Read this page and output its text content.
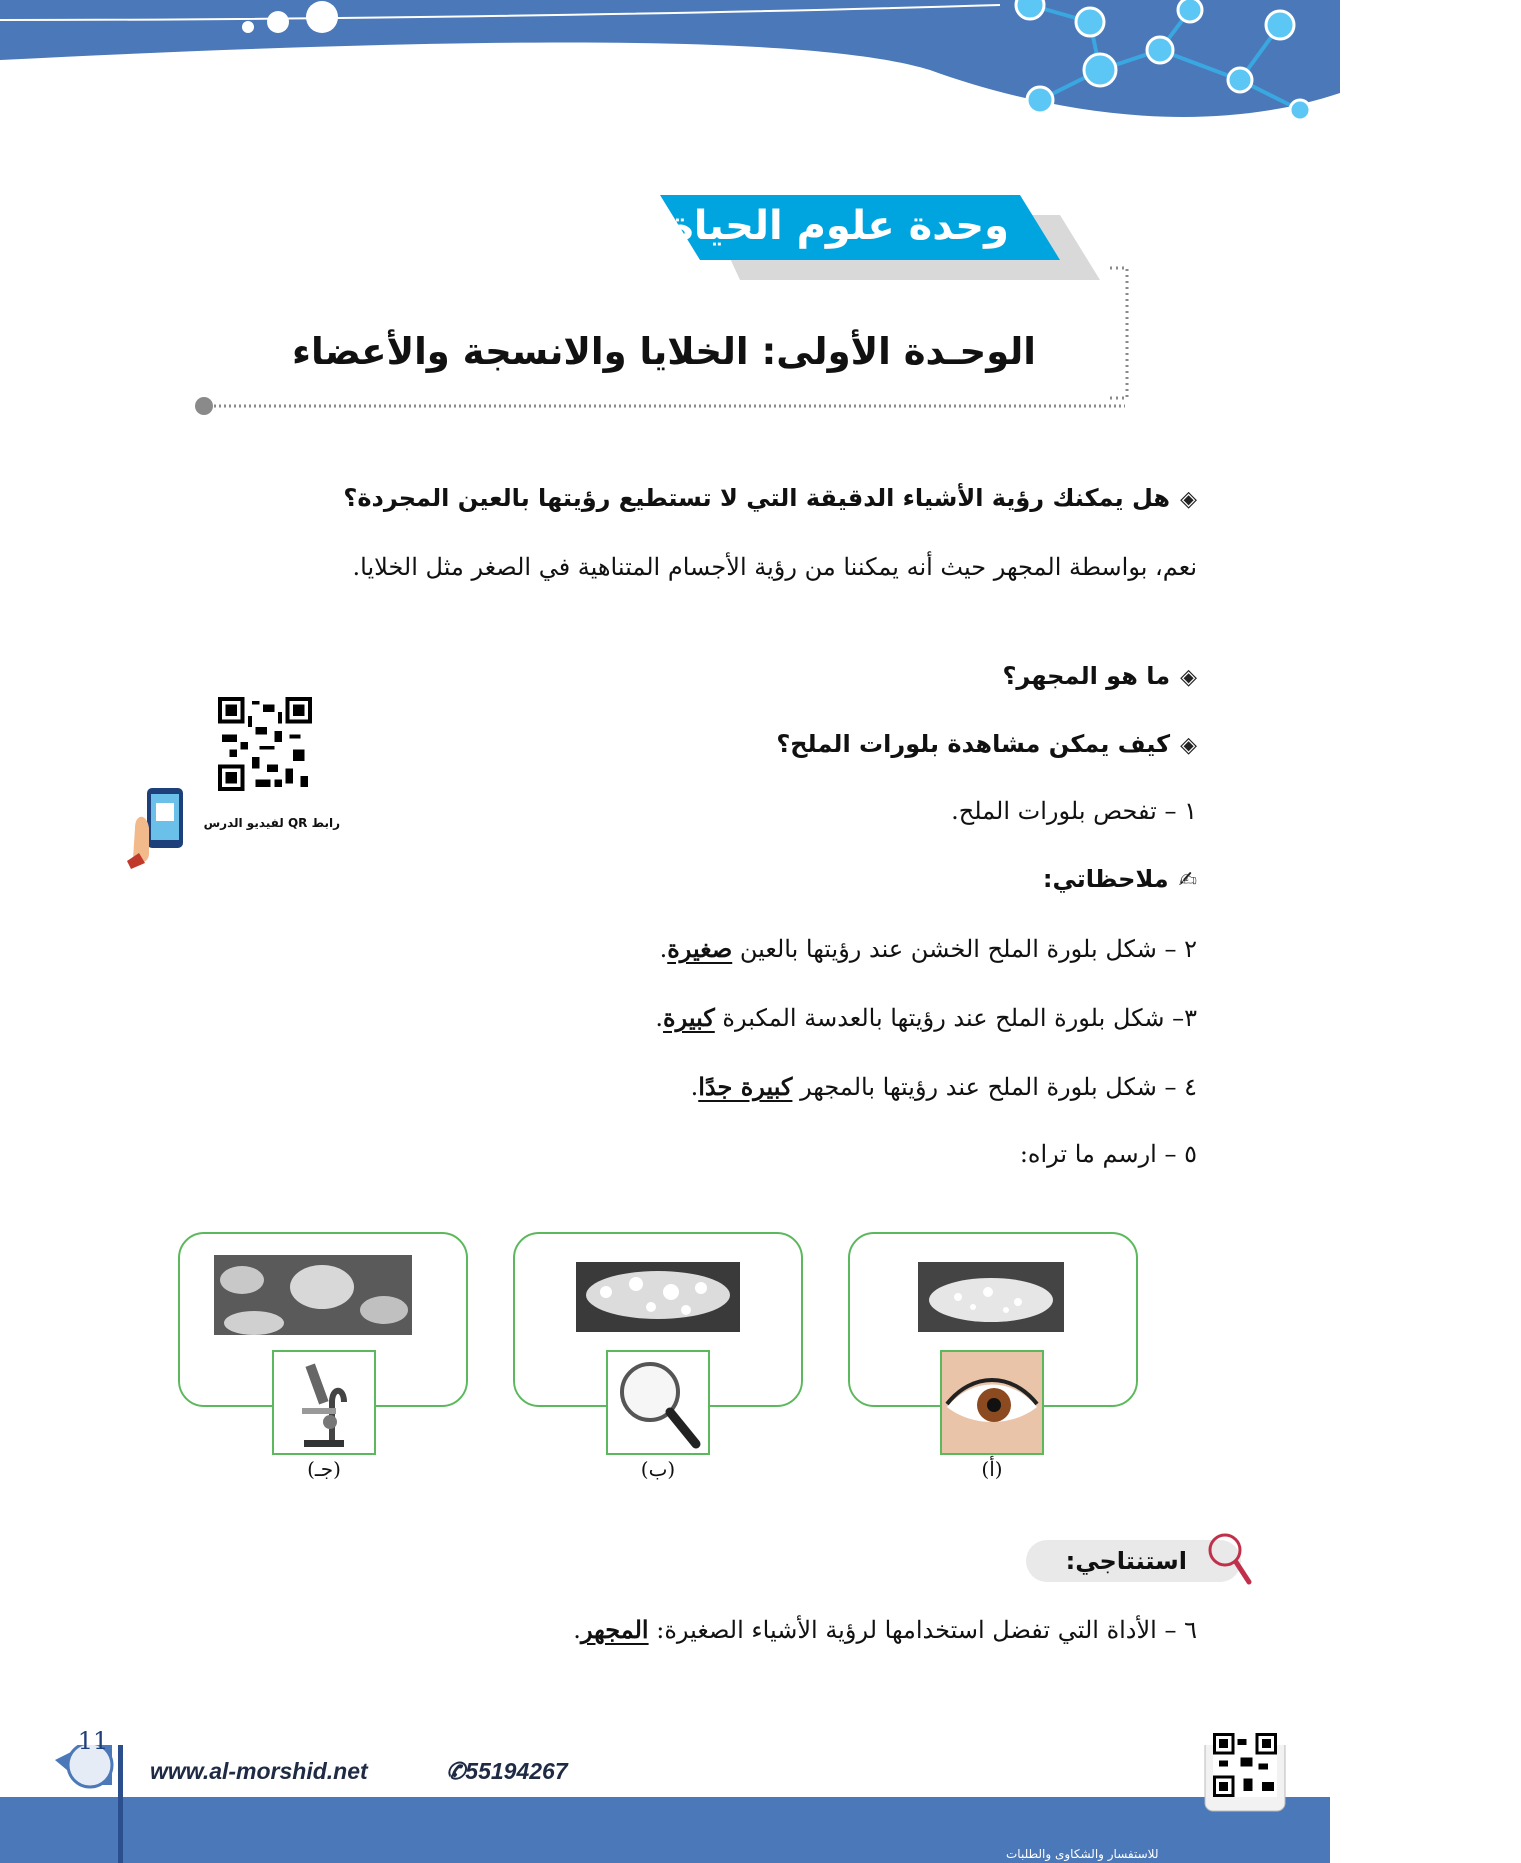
وحدة علوم الحياة
الوحـدة الأولى: الخلايا والانسجة والأعضاء
◈هل يمكنك رؤية الأشياء الدقيقة التي لا تستطيع رؤيتها بالعين المجردة؟
نعم، بواسطة المجهر حيث أنه يمكننا من رؤية الأجسام المتناهية في الصغر مثل الخلايا.
◈ما هو المجهر؟
◈كيف يمكن مشاهدة بلورات الملح؟
رابط QR لفيديو الدرس	١ – تفحص بلورات الملح.
✍ملاحظاتي:
٢ – شكل بلورة الملح الخشن عند رؤيتها بالعين صغيرة.
٣– شكل بلورة الملح عند رؤيتها بالعدسة المكبرة كبيرة.
٤ – شكل بلورة الملح عند رؤيتها بالمجهر كبيرة جدًا.
٥ – ارسم ما تراه:
(أ)
(ب)
(جـ)
استنتاجي:
٦ – الأداة التي تفضل استخدامها لرؤية الأشياء الصغيرة: المجهر.
11
www.al-morshid.net	✆55194267
للاستفسار والشكاوى والطلبات
